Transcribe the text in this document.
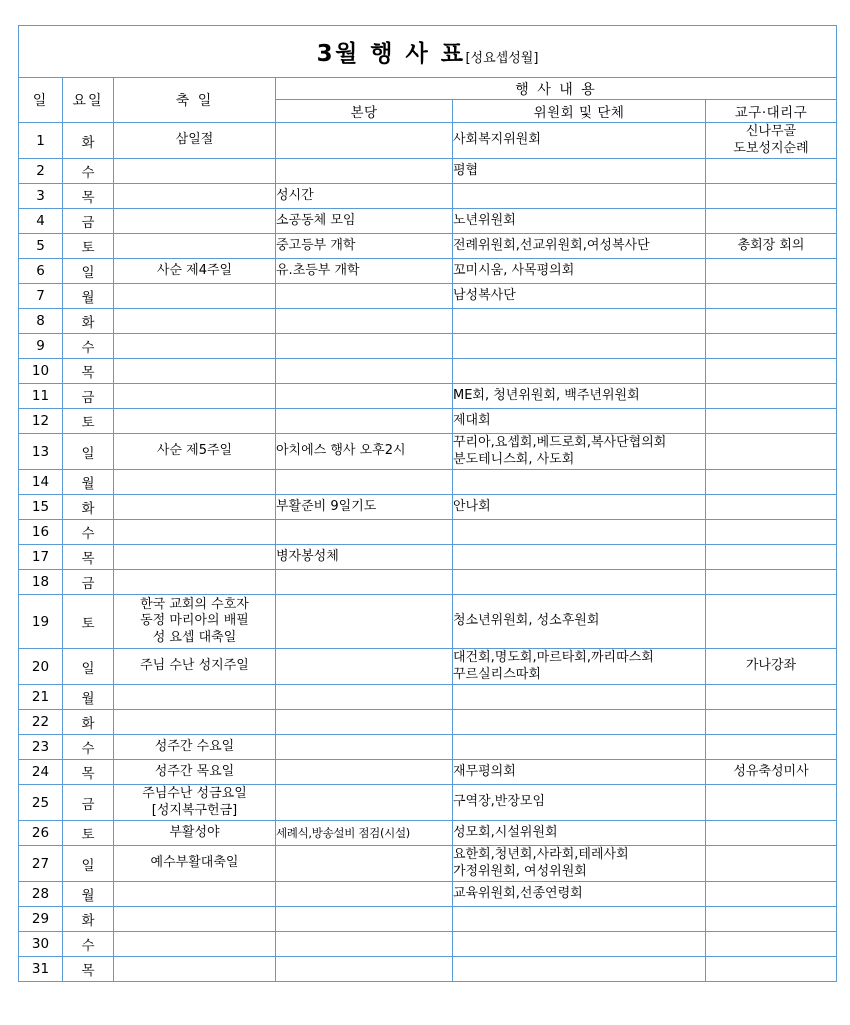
3월 행 사 표[성요셉성월]					
일	요일	축 일	행 사 내 용		
			본당	위원회 및 단체	교구·대리구
1	화	삼일절		사회복지위원회	신나무골
도보성지순례

2	수			평협	

3	목		성시간		

4	금		소공동체 모임	노년위원회	

5	토		중고등부 개학	전례위원회,선교위원회,여성복사단	총회장 회의

6	일	사순 제4주일	유.초등부 개학	꼬미시움, 사목평의회	

7	월			남성복사단	

8	화				
9	수				
10	목				
11	금			ME회, 청년위원회, 백주년위원회	

12	토			제대회	

13	일	사순 제5주일	아치에스 행사 오후2시	꾸리아,요셉회,베드로회,복사단협의회
분도테니스회, 사도회	

14	월				
15	화		부활준비 9일기도	안나회	

16	수				
17	목		병자봉성체		

18	금				
19	토	한국 교회의 수호자
동정 마리아의 배필
성 요셉 대축일		청소년위원회, 성소후원회	

20	일	주님 수난 성지주일		대건회,명도회,마르타회,까리따스회
꾸르실리스따회	가나강좌

21	월				
22	화				
23	수	성주간 수요일			

24	목	성주간 목요일		재무평의회	성유축성미사

25	금	주님수난 성금요일
[성지복구헌금]		구역장,반장모임	

26	토	부활성야	세례식,방송설비 점검(시설)	성모회,시설위원회	

27	일	예수부활대축일		요한회,청년회,사라회,테레사회
가정위원회, 여성위원회	

28	월			교육위원회,선종연령회	

29	화				
30	수				
31	목				
